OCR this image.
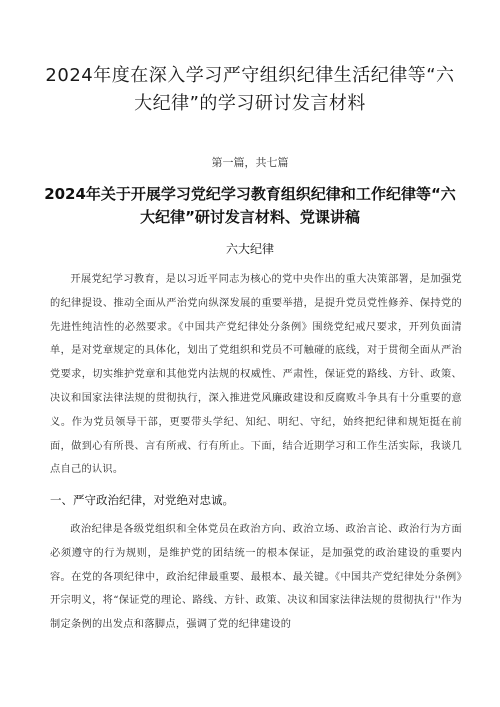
2024年度在深入学习严守组织纪律生活纪律等“六大纪律”的学习研讨发言材料
第一篇，共七篇
2024年关于开展学习党纪学习教育组织纪律和工作纪律等“六大纪律”研讨发言材料、党课讲稿
六大纪律

开展党纪学习教育，是以习近平同志为核心的党中央作出的重大决策部署，是加强党的纪律提设、推动全面从严治党向纵深发展的重要举措，是提升党员党性修养、保持党的先进性纯洁性的必然要求。《中国共产党纪律处分条例》围绕党纪戒尺要求，开列负面清单，是对党章规定的具体化，划出了党组织和党员不可触碰的底线，对于贯彻全面从严治党要求，切实维护党章和其他党内法规的权威性、严肃性，保证党的路线、方针、政策、决议和国家法律法规的贯彻执行，深入推进党风廉政建设和反腐败斗争具有十分重要的意义。作为党员领导干部，更要带头学纪、知纪、明纪、守纪，始终把纪律和规矩挺在前面，做到心有所畏、言有所戒、行有所止。下面，结合近期学习和工作生活实际，我谈几点自己的认识。

一、严守政治纪律，对党绝对忠诚。

政治纪律是各级党组织和全体党员在政治方向、政治立场、政治言论、政治行为方面必须遵守的行为规则，是维护党的团结统一的根本保证，是加强党的政治建设的重要内容。在党的各项纪律中，政治纪律最重要、最根本、最关键。《中国共产党纪律处分条例》开宗明义，将“保证党的理论、路线、方针、政策、决议和国家法律法规的贯彻执行''作为制定条例的出发点和落脚点，强调了党的纪律建设的
